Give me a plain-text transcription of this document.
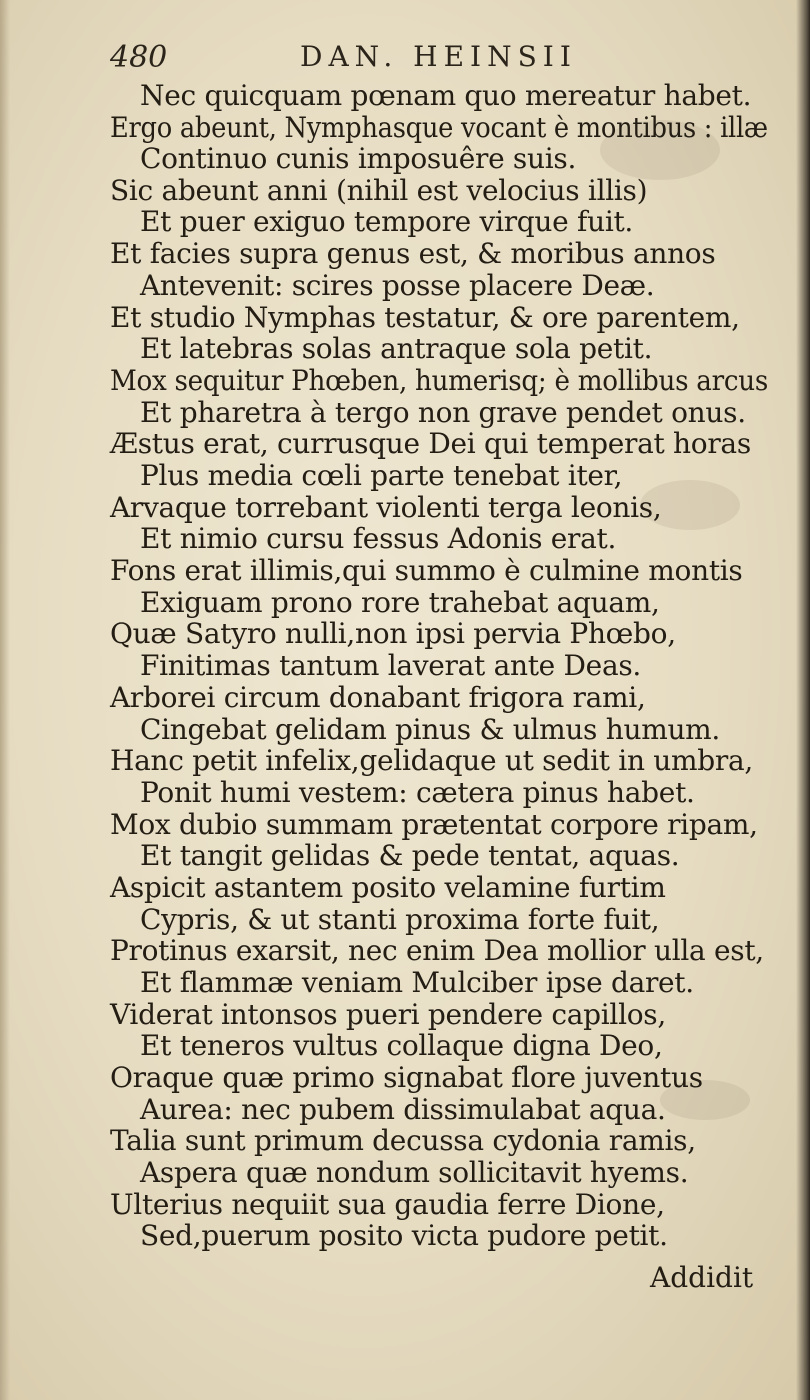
480	DAN. HEINSII
Nec quicquam pœnam quo mereatur habet.
Ergo abeunt, Nymphasque vocant è montibus : illæ
Continuo cunis imposuêre suis.
Sic abeunt anni (nihil est velocius illis)
Et puer exiguo tempore virque fuit.
Et facies supra genus est, & moribus annos
Antevenit: scires posse placere Deæ.
Et studio Nymphas testatur, & ore parentem,
Et latebras solas antraque sola petit.
Mox sequitur Phœben, humerisq; è mollibus arcus
Et pharetra à tergo non grave pendet onus.
Æstus erat, currusque Dei qui temperat horas
Plus media cœli parte tenebat iter,
Arvaque torrebant violenti terga leonis,
Et nimio cursu fessus Adonis erat.
Fons erat illimis,qui summo è culmine montis
Exiguam prono rore trahebat aquam,
Quæ Satyro nulli,non ipsi pervia Phœbo,
Finitimas tantum laverat ante Deas.
Arborei circum donabant frigora rami,
Cingebat gelidam pinus & ulmus humum.
Hanc petit infelix,gelidaque ut sedit in umbra,
Ponit humi vestem: cætera pinus habet.
Mox dubio summam prætentat corpore ripam,
Et tangit gelidas & pede tentat, aquas.
Aspicit astantem posito velamine furtim
Cypris, & ut stanti proxima forte fuit,
Protinus exarsit, nec enim Dea mollior ulla est,
Et flammæ veniam Mulciber ipse daret.
Viderat intonsos pueri pendere capillos,
Et teneros vultus collaque digna Deo,
Oraque quæ primo signabat flore juventus
Aurea: nec pubem dissimulabat aqua.
Talia sunt primum decussa cydonia ramis,
Aspera quæ nondum sollicitavit hyems.
Ulterius nequiit sua gaudia ferre Dione,
Sed,puerum posito victa pudore petit.
Addidit
